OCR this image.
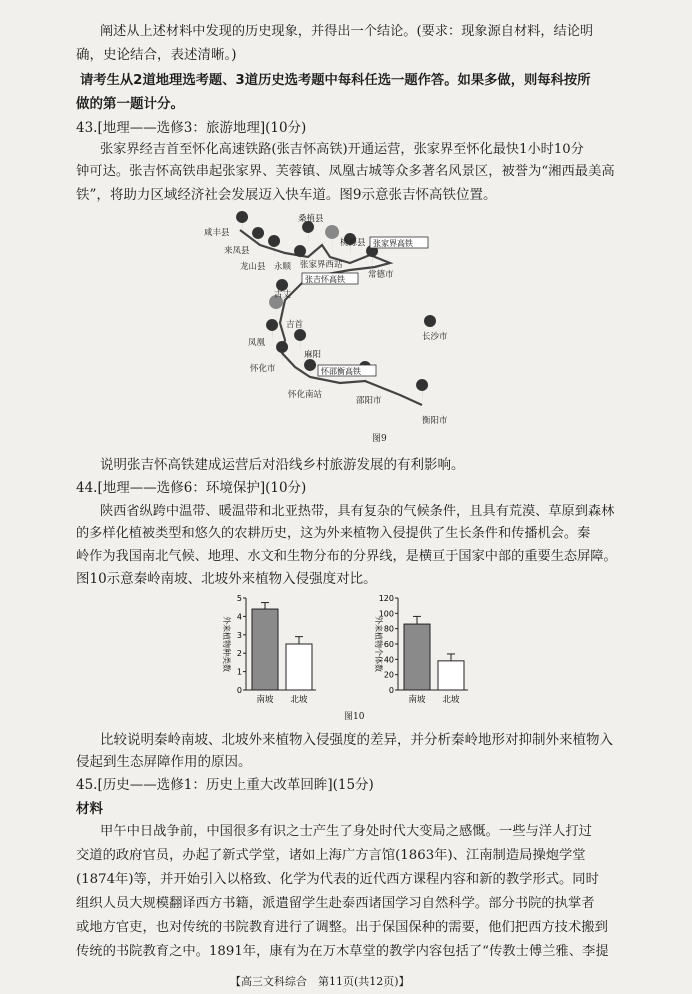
阐述从上述材料中发现的历史现象，并得出一个结论。(要求：现象源自材料，结论明
确，史论结合，表述清晰。)
请考生从2道地理选考题、3道历史选考题中每科任选一题作答。如果多做，则每科按所
做的第一题计分。
43.[地理——选修3：旅游地理](10分)
张家界经吉首至怀化高速铁路(张吉怀高铁)开通运营，张家界至怀化最快1小时10分
钟可达。张吉怀高铁串起张家界、芙蓉镇、凤凰古城等众多著名风景区，被誉为“湘西最美高
铁”，将助力区域经济社会发展迈入快车道。图9示意张吉怀高铁位置。
张家界高铁
张吉怀高铁
怀邵衡高铁
咸丰县
桑植县
来凤县
桃源县
龙山县 永顺 张家界西站
常德市
古丈
吉首
长沙市
凤凰
麻阳
怀化市
怀化南站
邵阳市
衡阳市
图9
说明张吉怀高铁建成运营后对沿线乡村旅游发展的有利影响。
44.[地理——选修6：环境保护](10分)
陕西省纵跨中温带、暖温带和北亚热带，具有复杂的气候条件，且具有荒漠、草原到森林
的多样化植被类型和悠久的农耕历史，这为外来植物入侵提供了生长条件和传播机会。秦
岭作为我国南北气候、地理、水文和生物分布的分界线，是横亘于国家中部的重要生态屏障。
图10示意秦岭南坡、北坡外来植物入侵强度对比。
0
1
2
3
4
5
外来植物种类数
南坡 北坡
0
20
40
60
80
100
120
外来植物个体数
南坡 北坡
图10
比较说明秦岭南坡、北坡外来植物入侵强度的差异，并分析秦岭地形对抑制外来植物入
侵起到生态屏障作用的原因。
45.[历史——选修1：历史上重大改革回眸](15分)
材料
甲午中日战争前，中国很多有识之士产生了身处时代大变局之感慨。一些与洋人打过
交道的政府官员，办起了新式学堂，诸如上海广方言馆(1863年)、江南制造局操炮学堂
(1874年)等，并开始引入以格致、化学为代表的近代西方课程内容和新的教学形式。同时
组织人员大规模翻译西方书籍，派遣留学生赴泰西诸国学习自然科学。部分书院的执掌者
或地方官吏，也对传统的书院教育进行了调整。出于保国保种的需要，他们把西方技术搬到
传统的书院教育之中。1891年，康有为在万木草堂的教学内容包括了“传教士傅兰雅、李提
【高三文科综合　第11页(共12页)】
